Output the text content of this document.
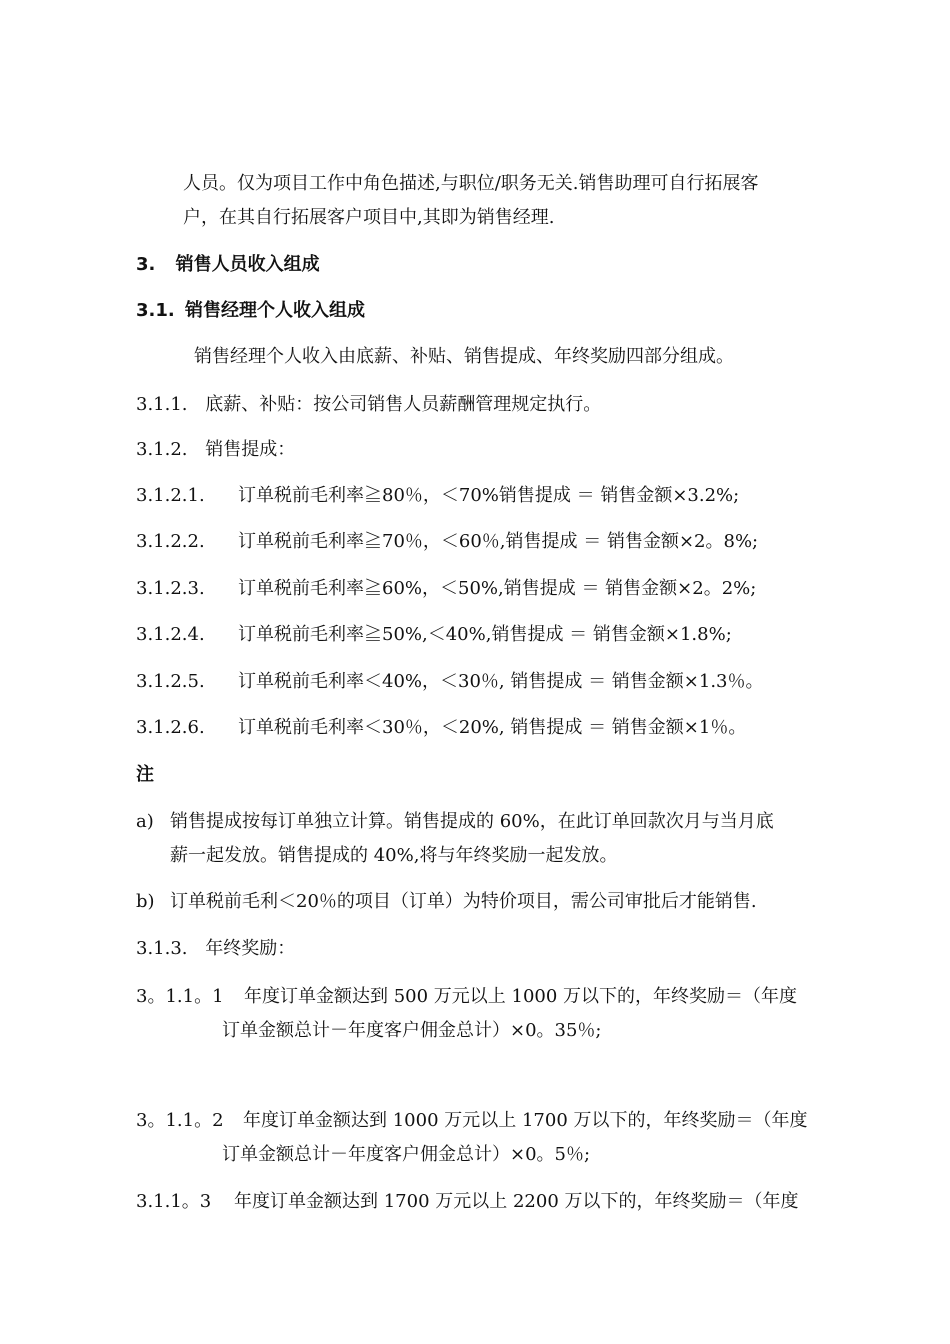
人员。仅为项目工作中角色描述,与职位/职务无关.销售助理可自行拓展客
户，在其自行拓展客户项目中,其即为销售经理.
3. 销售人员收入组成
3.1. 销售经理个人收入组成
销售经理个人收入由底薪、补贴、销售提成、年终奖励四部分组成。
3.1.1. 底薪、补贴：按公司销售人员薪酬管理规定执行。
3.1.2. 销售提成：
3.1.2.1. 订单税前毛利率≧80％，＜70%销售提成 ＝ 销售金额×3.2%;
3.1.2.2. 订单税前毛利率≧70％，＜60％,销售提成 ＝ 销售金额×2。8%;
3.1.2.3. 订单税前毛利率≧60%，＜50%,销售提成 ＝ 销售金额×2。2%;
3.1.2.4. 订单税前毛利率≧50%,＜40%,销售提成 ＝ 销售金额×1.8%;
3.1.2.5. 订单税前毛利率＜40%，＜30％, 销售提成 ＝ 销售金额×1.3％。
3.1.2.6. 订单税前毛利率＜30％，＜20%, 销售提成 ＝ 销售金额×1％。
注
a) 销售提成按每订单独立计算。销售提成的 60%，在此订单回款次月与当月底
薪一起发放。销售提成的 40%,将与年终奖励一起发放。
b) 订单税前毛利＜20％的项目（订单）为特价项目，需公司审批后才能销售.
3.1.3. 年终奖励：
3。1.1。1 年度订单金额达到 500 万元以上 1000 万以下的，年终奖励＝（年度
订单金额总计－年度客户佣金总计）×0。35％;
3。1.1。2 年度订单金额达到 1000 万元以上 1700 万以下的，年终奖励＝（年度
订单金额总计－年度客户佣金总计）×0。5％;
3.1.1。3 年度订单金额达到 1700 万元以上 2200 万以下的，年终奖励＝（年度
